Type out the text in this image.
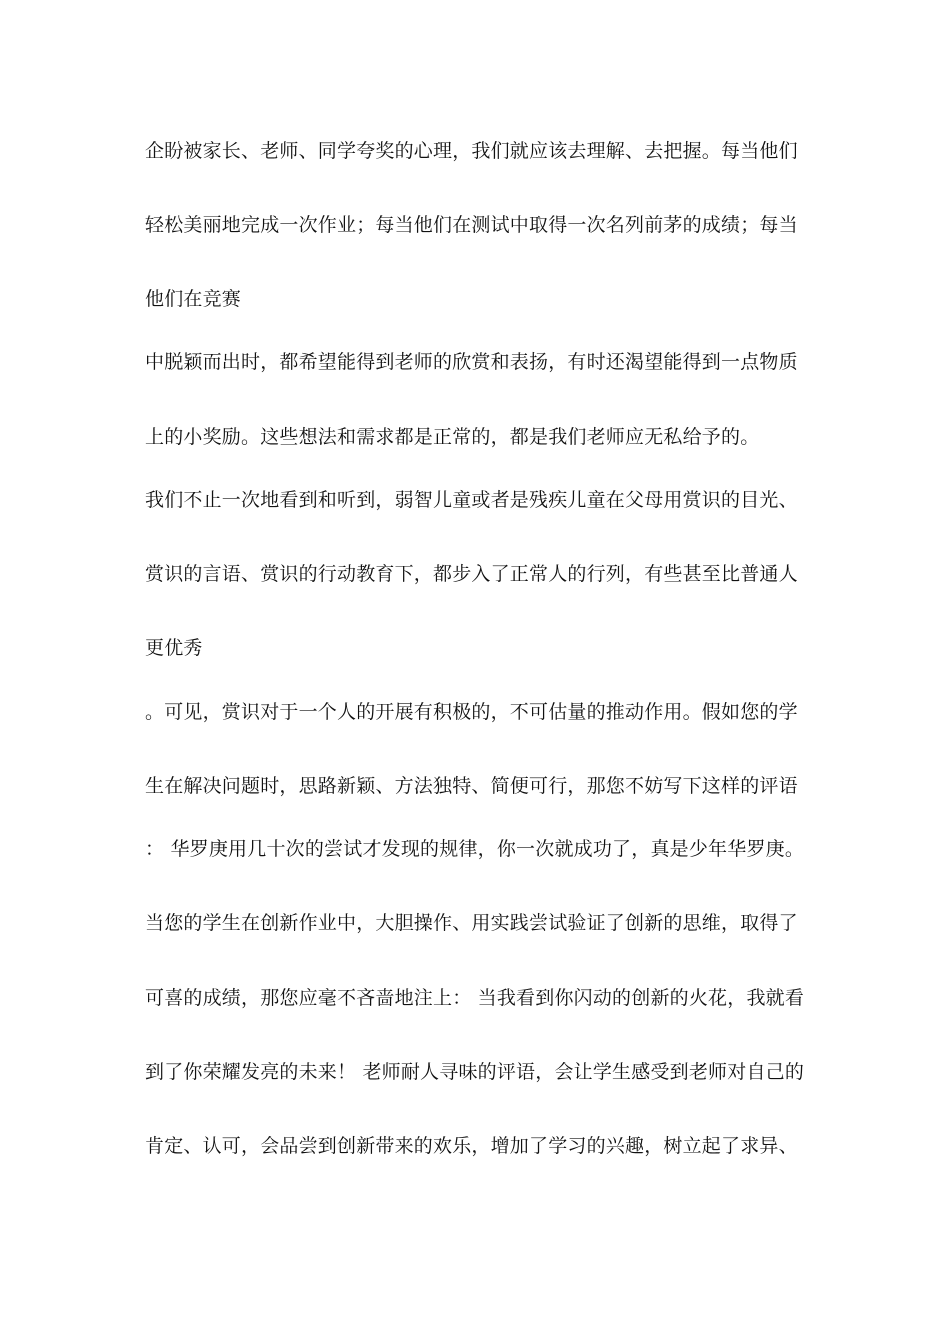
企盼被家长、老师、同学夸奖的心理，我们就应该去理解、去把握。每当他们
轻松美丽地完成一次作业；每当他们在测试中取得一次名列前茅的成绩；每当
他们在竞赛
中脱颖而出时，都希望能得到老师的欣赏和表扬，有时还渴望能得到一点物质
上的小奖励。这些想法和需求都是正常的，都是我们老师应无私给予的。
我们不止一次地看到和听到，弱智儿童或者是残疾儿童在父母用赏识的目光、
赏识的言语、赏识的行动教育下，都步入了正常人的行列，有些甚至比普通人
更优秀
。可见，赏识对于一个人的开展有积极的，不可估量的推动作用。假如您的学
生在解决问题时，思路新颖、方法独特、简便可行，那您不妨写下这样的评语
： 华罗庚用几十次的尝试才发现的规律，你一次就成功了，真是少年华罗庚。
当您的学生在创新作业中，大胆操作、用实践尝试验证了创新的思维，取得了
可喜的成绩，那您应毫不吝啬地注上： 当我看到你闪动的创新的火花，我就看
到了你荣耀发亮的未来！ 老师耐人寻味的评语，会让学生感受到老师对自己的
肯定、认可，会品尝到创新带来的欢乐，增加了学习的兴趣，树立起了求异、
